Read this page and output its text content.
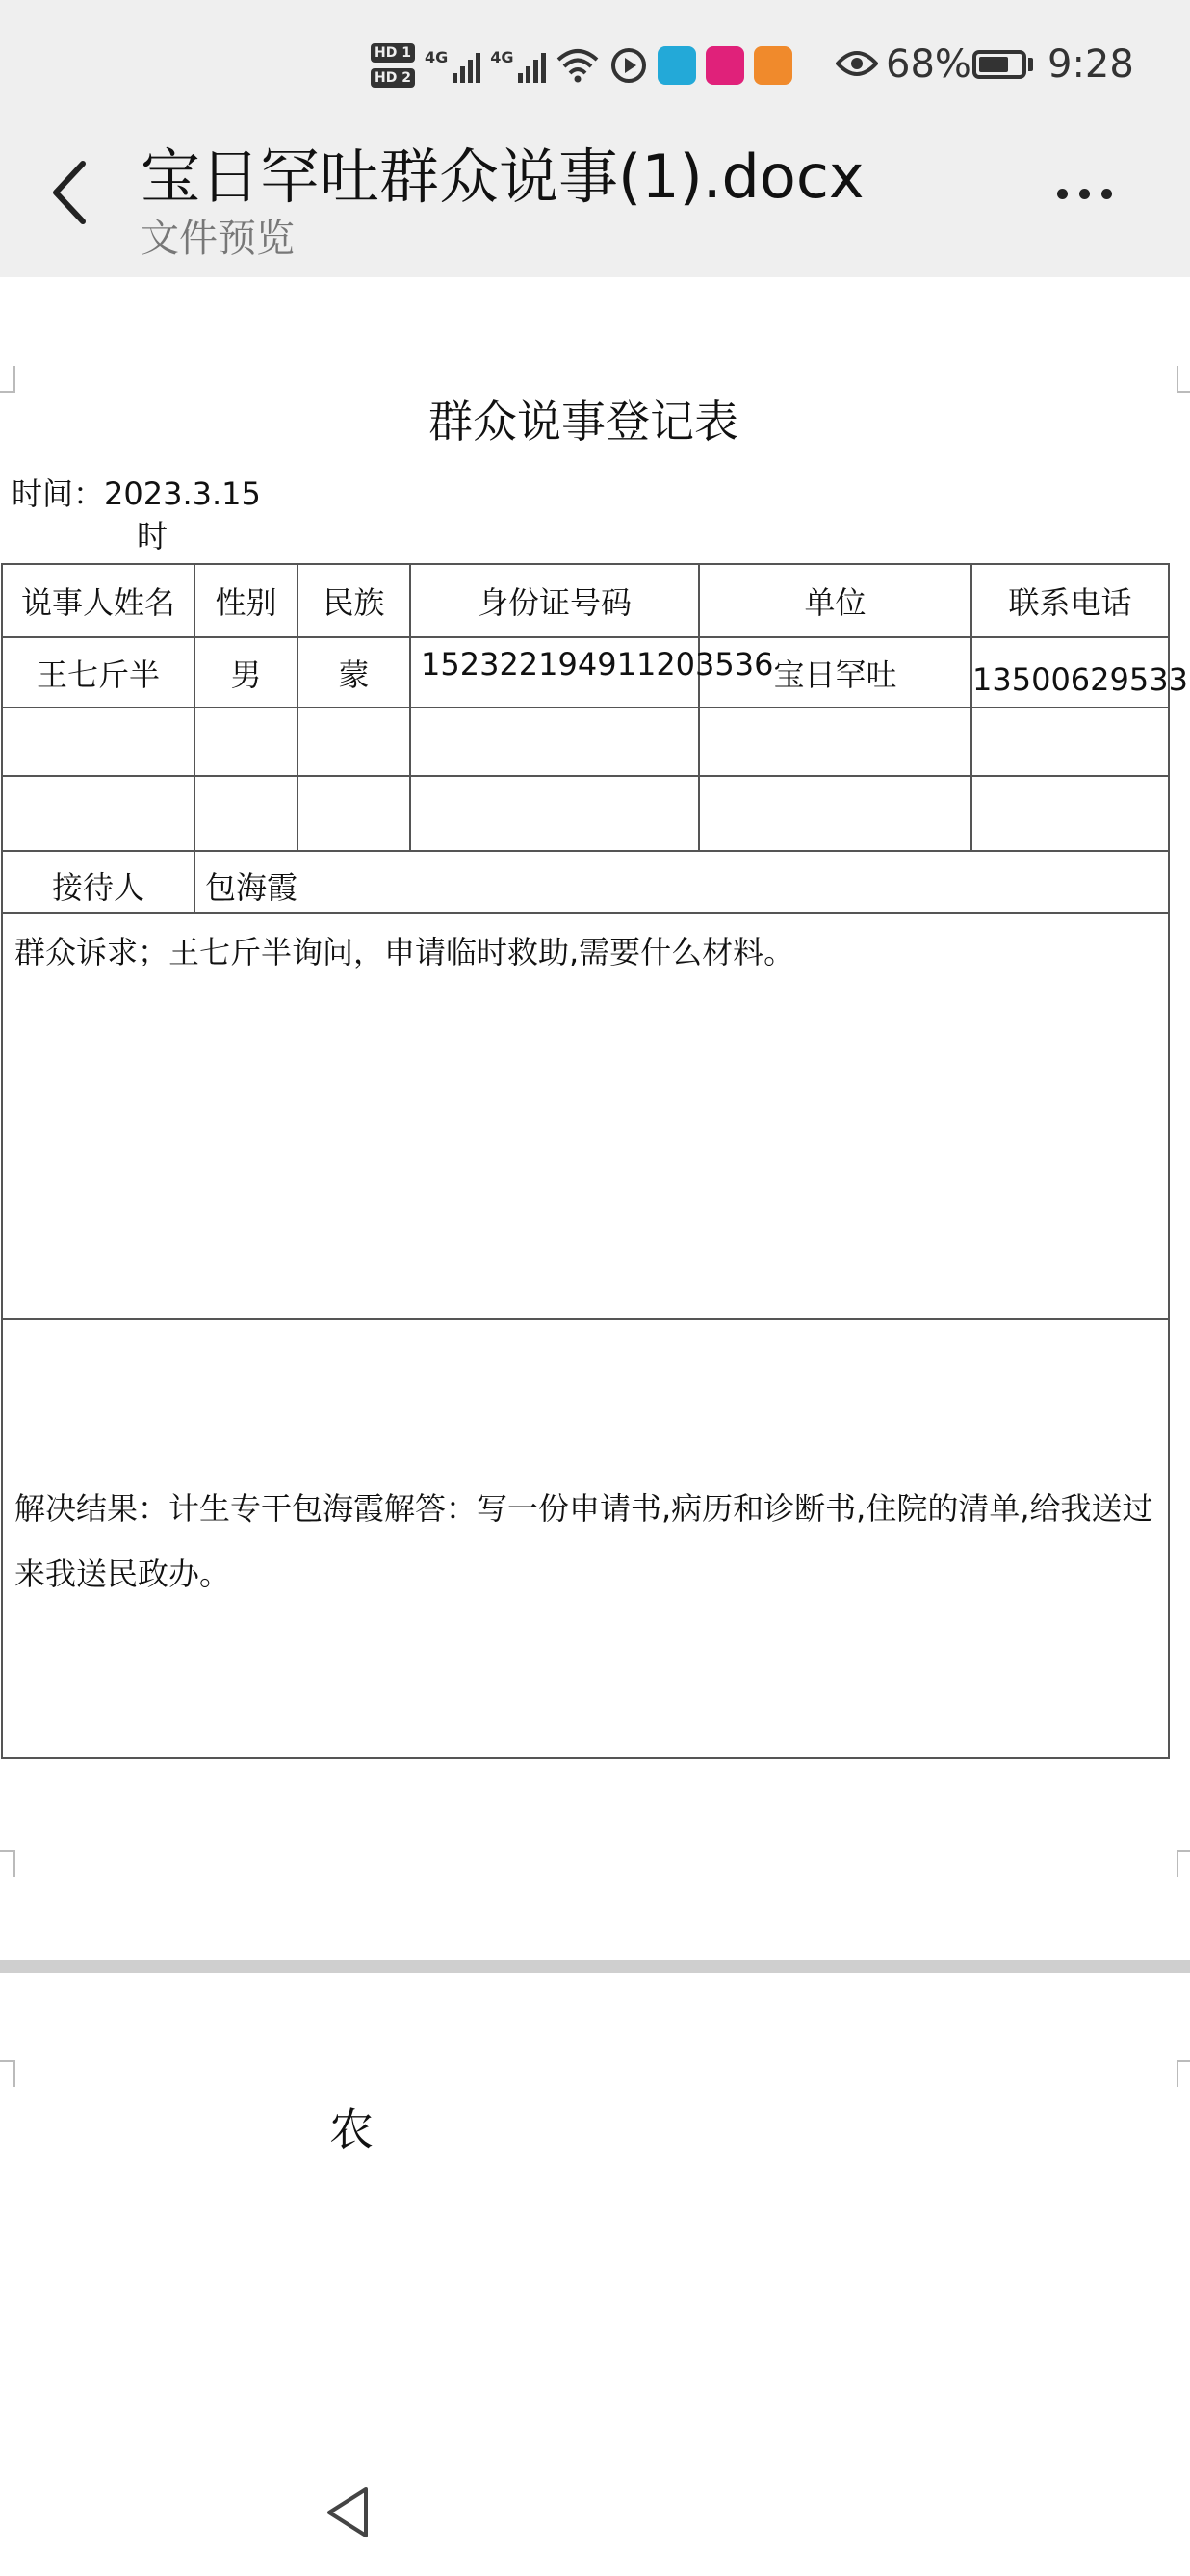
HD 1
HD 2
4G	4G	68% 9:28
宝日罕吐群众说事(1).docx
文件预览
群众说事登记表
时间：2023.3.15
时
说事人姓名	性别	民族	身份证号码	单位	联系电话
王七斤半	男	蒙	152322194911203536	宝日罕吐	13500629533

接待人	包海霞				
群众诉求；王七斤半询问，申请临时救助,需要什么材料。					
解决结果：计生专干包海霞解答：写一份申请书,病历和诊断书,住院的清单,给我送过来我送民政办。					
农
